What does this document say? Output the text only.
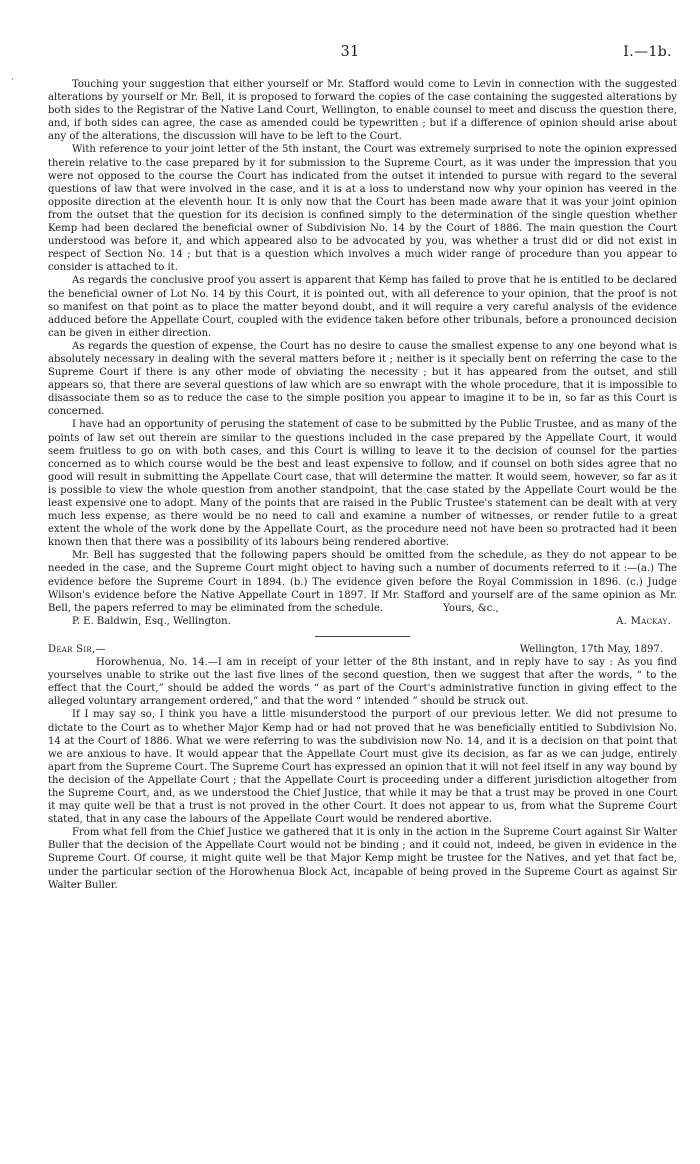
31	I.—1b.
·	Touching your suggestion that either yourself or Mr. Stafford would come to Levin in connection with the suggested alterations by yourself or Mr. Bell, it is proposed to forward the copies of the case containing the suggested alterations by both sides to the Registrar of the Native Land Court, Wellington, to enable counsel to meet and discuss the question there, and, if both sides can agree, the case as amended could be typewritten ; but if a difference of opinion should arise about any of the alterations, the discussion will have to be left to the Court.

With reference to your joint letter of the 5th instant, the Court was extremely surprised to note the opinion expressed therein relative to the case prepared by it for submission to the Supreme Court, as it was under the impression that you were not opposed to the course the Court has indicated from the outset it intended to pursue with regard to the several questions of law that were involved in the case, and it is at a loss to understand now why your opinion has veered in the opposite direction at the eleventh hour. It is only now that the Court has been made aware that it was your joint opinion from the outset that the question for its decision is confined simply to the determination of the single question whether Kemp had been declared the beneficial owner of Subdivision No. 14 by the Court of 1886. The main question the Court understood was before it, and which appeared also to be advocated by you, was whether a trust did or did not exist in respect of Section No. 14 ; but that is a question which involves a much wider range of procedure than you appear to consider is attached to it.

As regards the conclusive proof you assert is apparent that Kemp has failed to prove that he is entitled to be declared the beneficial owner of Lot No. 14 by this Court, it is pointed out, with all deference to your opinion, that the proof is not so manifest on that point as to place the matter beyond doubt, and it will require a very careful analysis of the evidence adduced before the Appellate Court, coupled with the evidence taken before other tribunals, before a pronounced decision can be given in either direction.

As regards the question of expense, the Court has no desire to cause the smallest expense to any one beyond what is absolutely necessary in dealing with the several matters before it ; neither is it specially bent on referring the case to the Supreme Court if there is any other mode of obviating the necessity ; but it has appeared from the outset, and still appears so, that there are several questions of law which are so enwrapt with the whole procedure, that it is impossible to disassociate them so as to reduce the case to the simple position you appear to imagine it to be in, so far as this Court is concerned.

I have had an opportunity of perusing the statement of case to be submitted by the Public Trustee, and as many of the points of law set out therein are similar to the questions included in the case prepared by the Appellate Court, it would seem fruitless to go on with both cases, and this Court is willing to leave it to the decision of counsel for the parties concerned as to which course would be the best and least expensive to follow, and if counsel on both sides agree that no good will result in submitting the Appellate Court case, that will determine the matter. It would seem, however, so far as it is possible to view the whole question from another standpoint, that the case stated by the Appellate Court would be the least expensive one to adopt. Many of the points that are raised in the Public Trustee's statement can be dealt with at very much less expense, as there would be no need to call and examine a number of witnesses, or render futile to a great extent the whole of the work done by the Appellate Court, as the procedure need not have been so protracted had it been known then that there was a possibility of its labours being rendered abortive.

Mr. Bell has suggested that the following papers should be omitted from the schedule, as they do not appear to be needed in the case, and the Supreme Court might object to having such a number of documents referred to it :—(a.) The evidence before the Supreme Court in 1894. (b.) The evidence given before the Royal Commission in 1896. (c.) Judge Wilson's evidence before the Native Appellate Court in 1897. If Mr. Stafford and yourself are of the same opinion as Mr. Bell, the papers referred to may be eliminated from the schedule.	Yours, &c.,

P. E. Baldwin, Esq., Wellington.	A. Mackay.
Dear Sir,—	Wellington, 17th May, 1897.

Horowhenua, No. 14.—I am in receipt of your letter of the 8th instant, and in reply have to say : As you find yourselves unable to strike out the last five lines of the second question, then we suggest that after the words, “ to the effect that the Court,” should be added the words “ as part of the Court's administrative function in giving effect to the alleged voluntary arrangement ordered,” and that the word “ intended ” should be struck out.

If I may say so, I think you have a little misunderstood the purport of our previous letter. We did not presume to dictate to the Court as to whether Major Kemp had or had not proved that he was beneficially entitled to Subdivision No. 14 at the Court of 1886. What we were referring to was the subdivision now No. 14, and it is a decision on that point that we are anxious to have. It would appear that the Appellate Court must give its decision, as far as we can judge, entirely apart from the Supreme Court. The Supreme Court has expressed an opinion that it will not feel itself in any way bound by the decision of the Appellate Court ; that the Appellate Court is proceeding under a different jurisdiction altogether from the Supreme Court, and, as we understood the Chief Justice, that while it may be that a trust may be proved in one Court it may quite well be that a trust is not proved in the other Court. It does not appear to us, from what the Supreme Court stated, that in any case the labours of the Appellate Court would be rendered abortive.

From what fell from the Chief Justice we gathered that it is only in the action in the Supreme Court against Sir Walter Buller that the decision of the Appellate Court would not be binding ; and it could not, indeed, be given in evidence in the Supreme Court. Of course, it might quite well be that Major Kemp might be trustee for the Natives, and yet that fact be, under the particular section of the Horowhenua Block Act, incapable of being proved in the Supreme Court as against Sir Walter Buller.
